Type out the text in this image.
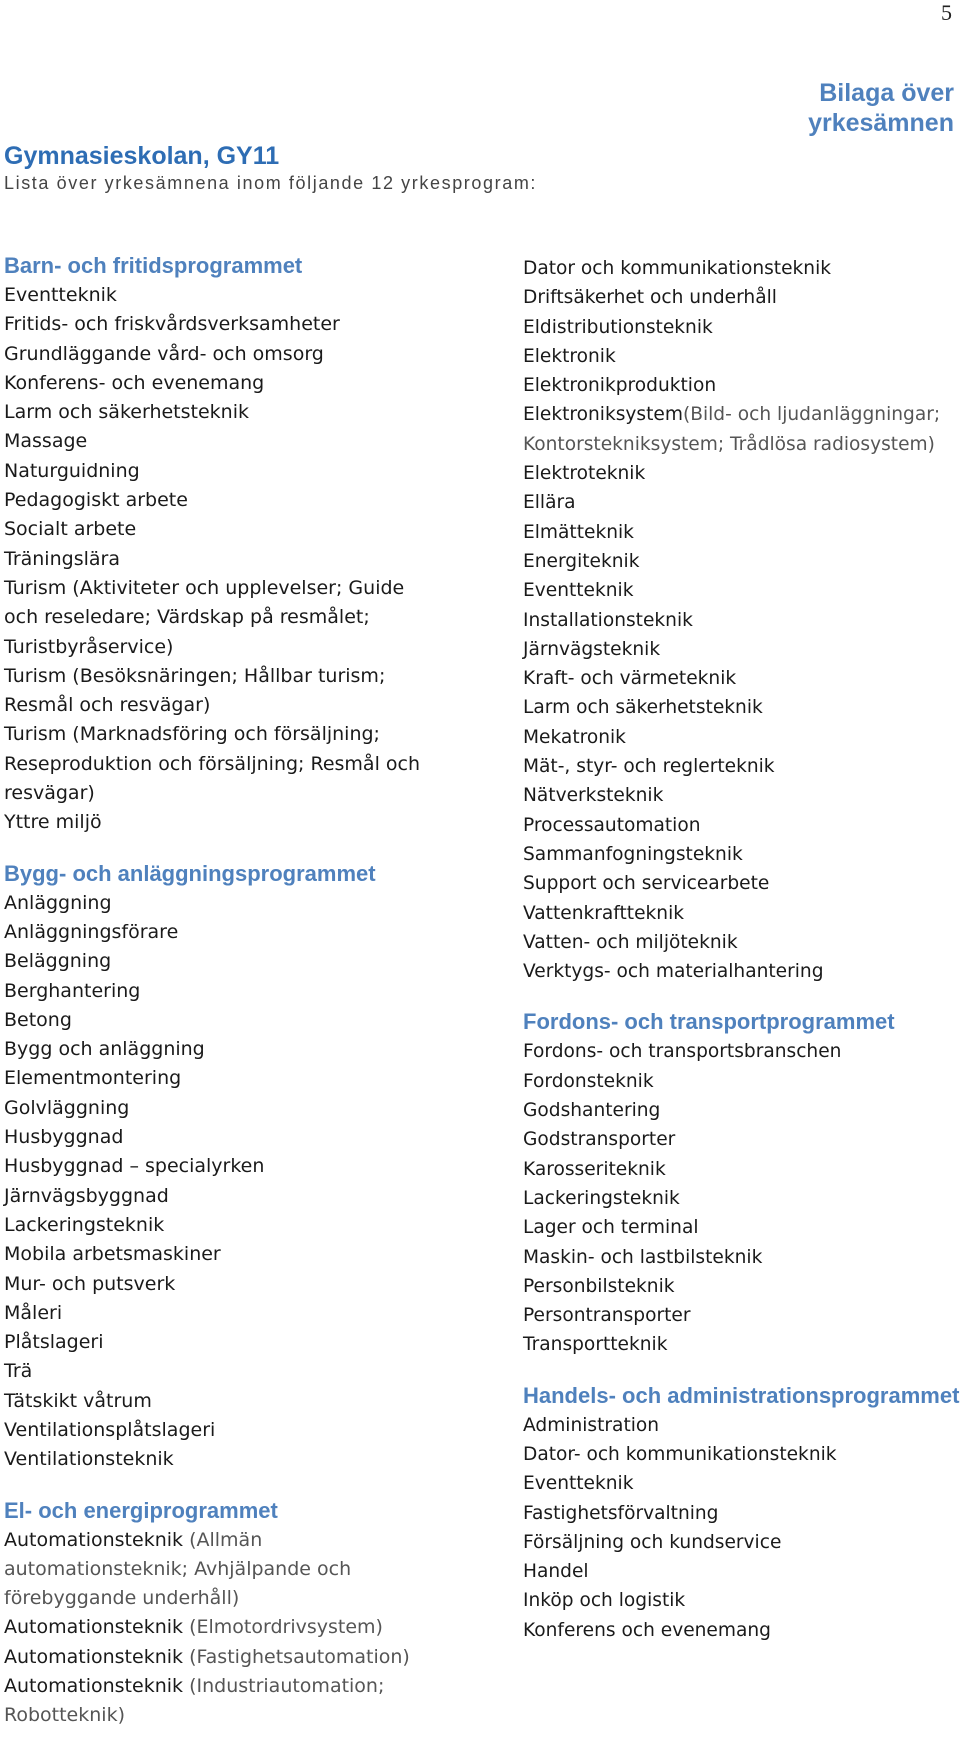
5
Bilaga över yrkesämnen
Gymnasieskolan, GY11
Lista över yrkesämnena inom följande 12 yrkesprogram:
Barn- och fritidsprogrammet
Eventteknik
Fritids- och friskvårdsverksamheter
Grundläggande vård- och omsorg
Konferens- och evenemang
Larm och säkerhetsteknik
Massage
Naturguidning
Pedagogiskt arbete
Socialt arbete
Träningslära
Turism (Aktiviteter och upplevelser; Guide och reseledare; Värdskap på resmålet; Turistbyråservice)
Turism (Besöksnäringen; Hållbar turism; Resmål och resvägar)
Turism (Marknadsföring och försäljning; Reseproduktion och försäljning; Resmål och resvägar)
Yttre miljö
Bygg- och anläggningsprogrammet
Anläggning
Anläggningsförare
Beläggning
Berghantering
Betong
Bygg och anläggning
Elementmontering
Golvläggning
Husbyggnad
Husbyggnad – specialyrken
Järnvägsbyggnad
Lackeringsteknik
Mobila arbetsmaskiner
Mur- och putsverk
Måleri
Plåtslageri
Trä
Tätskikt våtrum
Ventilationsplåtslageri
Ventilationsteknik
El- och energiprogrammet
Automationsteknik (Allmän automationsteknik; Avhjälpande och förebyggande underhåll)
Automationsteknik (Elmotordrivsystem)
Automationsteknik (Fastighetsautomation)
Automationsteknik (Industriautomation; Robotteknik)
Dator och kommunikationsteknik
Driftsäkerhet och underhåll
Eldistributionsteknik
Elektronik
Elektronikproduktion
Elektroniksystem(Bild- och ljudanläggningar; Kontorstekniksystem; Trådlösa radiosystem)
Elektroteknik
Ellära
Elmätteknik
Energiteknik
Eventteknik
Installationsteknik
Järnvägsteknik
Kraft- och värmeteknik
Larm och säkerhetsteknik
Mekatronik
Mät-, styr- och reglerteknik
Nätverksteknik
Processautomation
Sammanfogningsteknik
Support och servicearbete
Vattenkraftteknik
Vatten- och miljöteknik
Verktygs- och materialhantering
Fordons- och transportprogrammet
Fordons- och transportsbranschen
Fordonsteknik
Godshantering
Godstransporter
Karosseriteknik
Lackeringsteknik
Lager och terminal
Maskin- och lastbilsteknik
Personbilsteknik
Persontransporter
Transportteknik
Handels- och administrationsprogrammet
Administration
Dator- och kommunikationsteknik
Eventteknik
Fastighetsförvaltning
Försäljning och kundservice
Handel
Inköp och logistik
Konferens och evenemang
